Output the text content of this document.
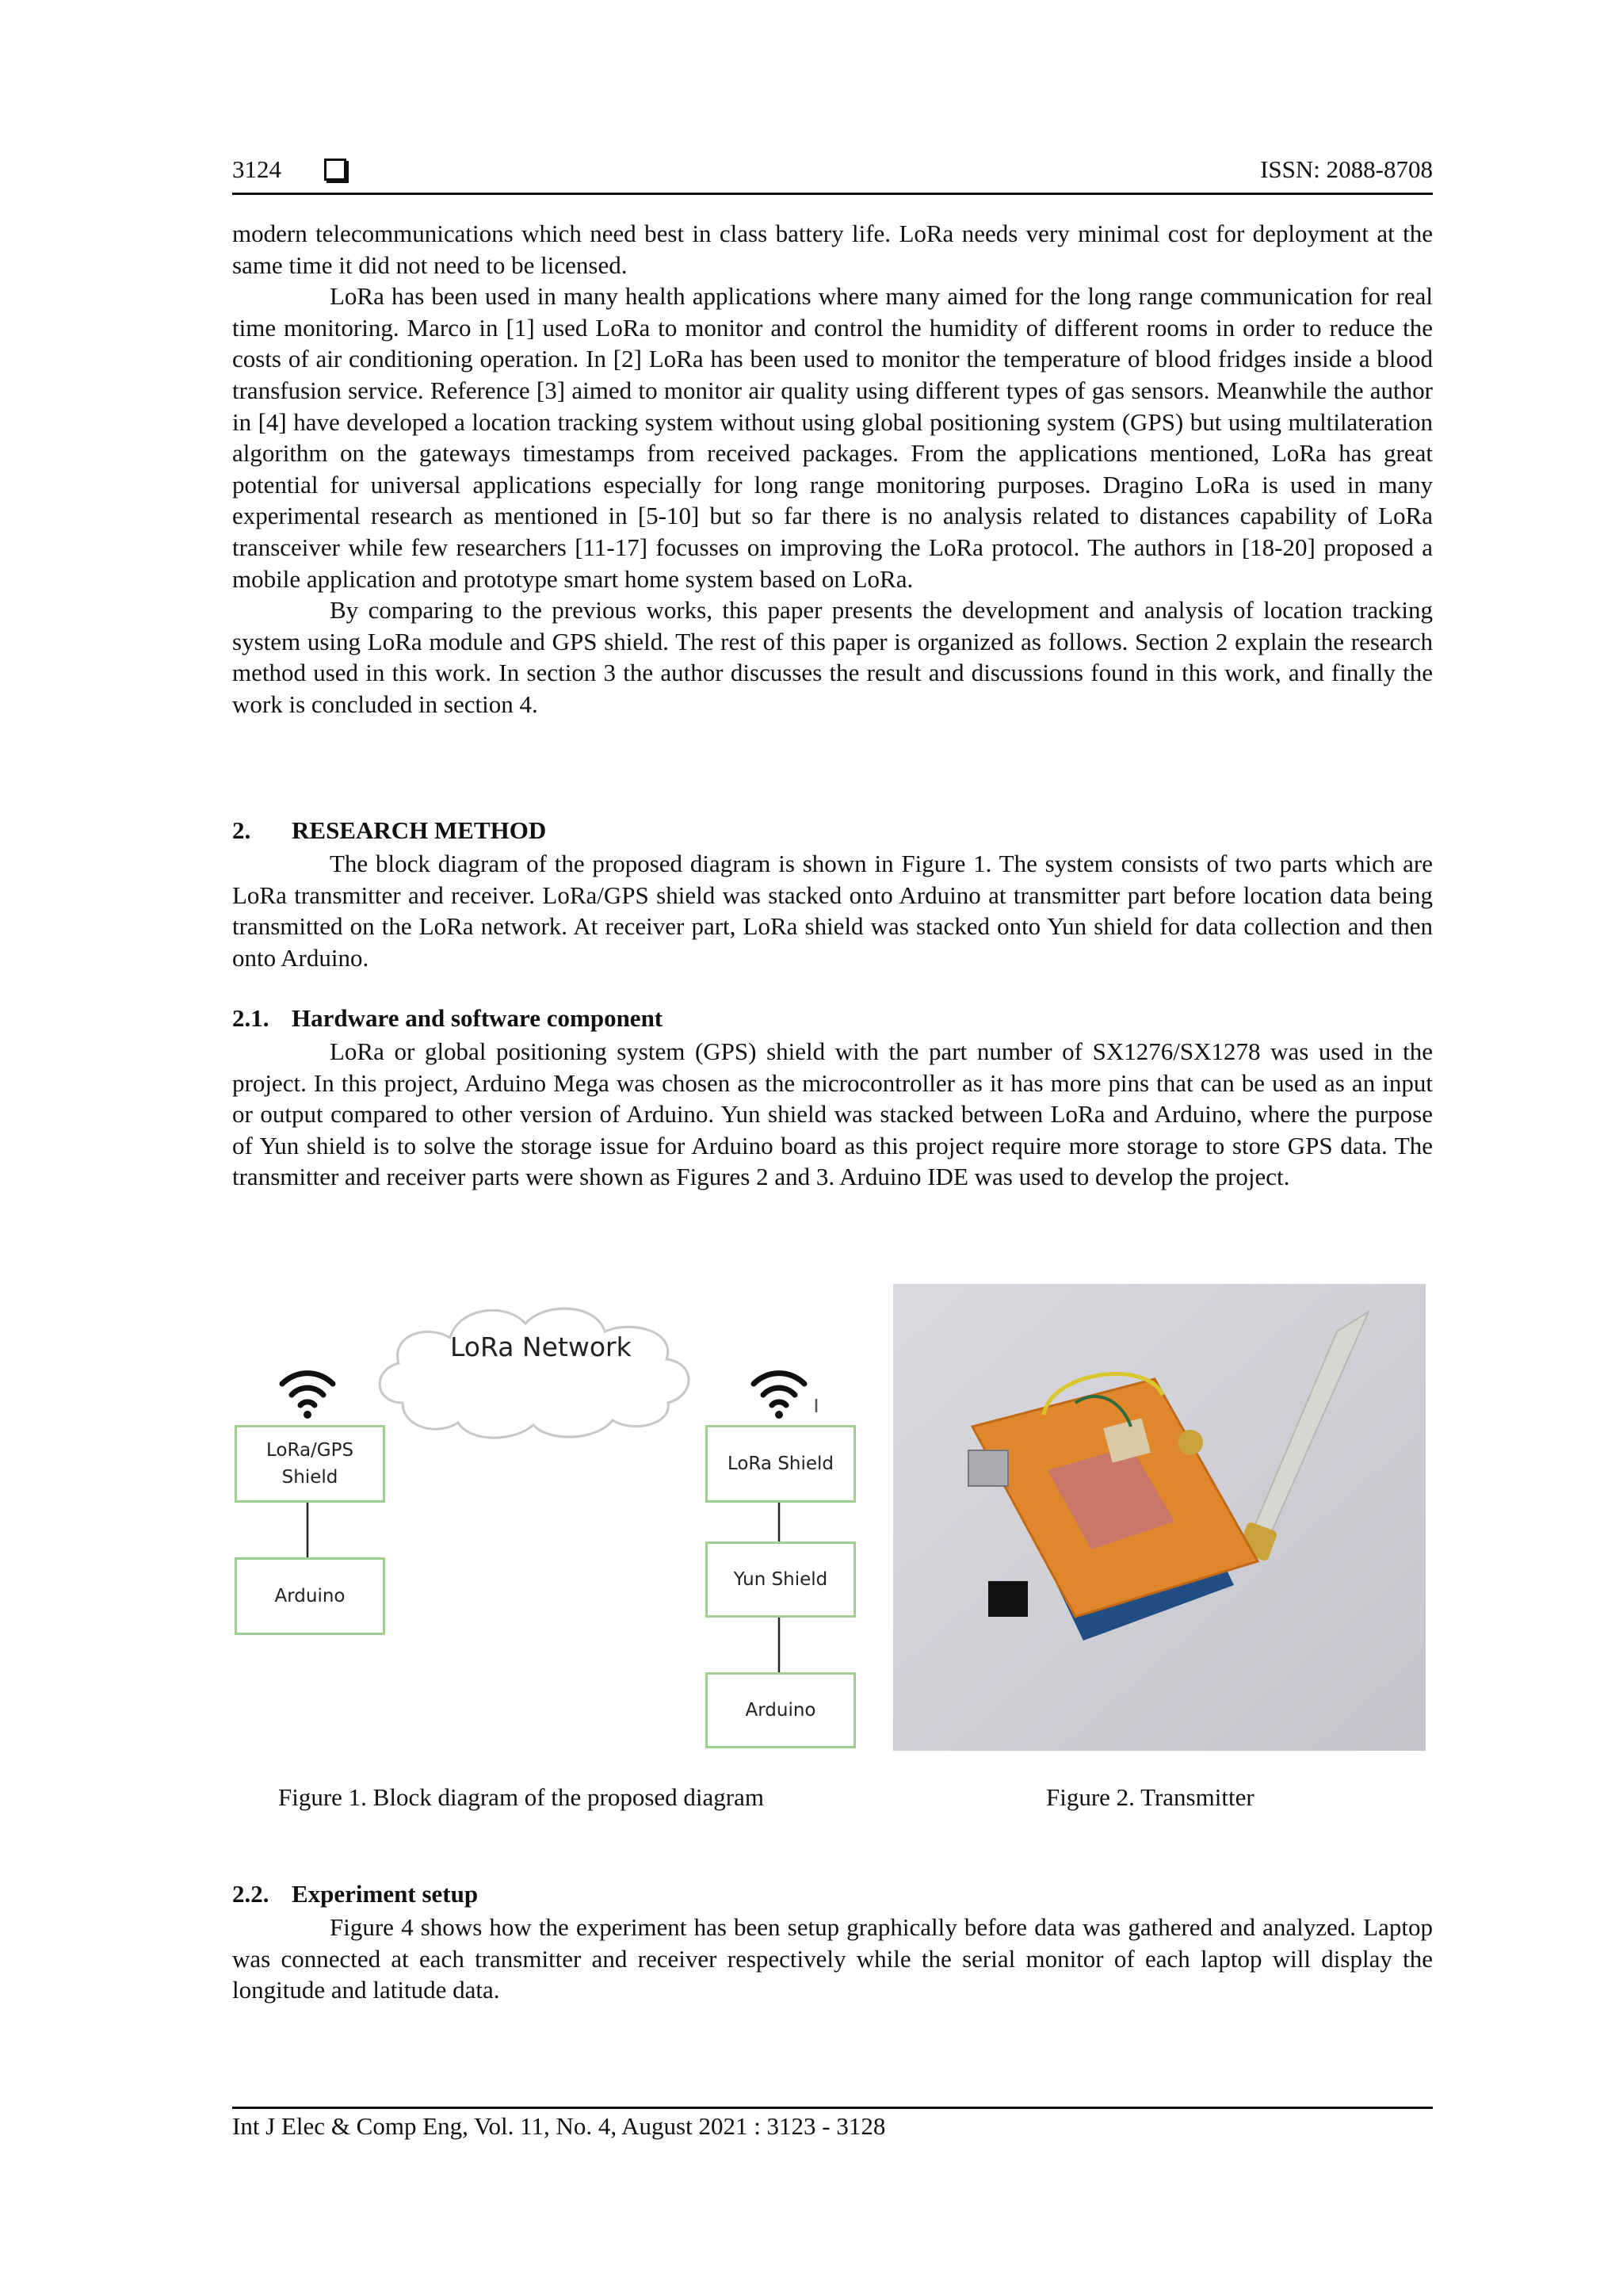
3124	ISSN: 2088-8708

modern telecommunications which need best in class battery life. LoRa needs very minimal cost for deployment at the same time it did not need to be licensed.

LoRa has been used in many health applications where many aimed for the long range communication for real time monitoring. Marco in [1] used LoRa to monitor and control the humidity of different rooms in order to reduce the costs of air conditioning operation. In [2] LoRa has been used to monitor the temperature of blood fridges inside a blood transfusion service. Reference [3] aimed to monitor air quality using different types of gas sensors. Meanwhile the author in [4] have developed a location tracking system without using global positioning system (GPS) but using multilateration algorithm on the gateways timestamps from received packages. From the applications mentioned, LoRa has great potential for universal applications especially for long range monitoring purposes. Dragino LoRa is used in many experimental research as mentioned in [5-10] but so far there is no analysis related to distances capability of LoRa transceiver while few researchers [11-17] focusses on improving the LoRa protocol. The authors in [18-20] proposed a mobile application and prototype smart home system based on LoRa.

By comparing to the previous works, this paper presents the development and analysis of location tracking system using LoRa module and GPS shield. The rest of this paper is organized as follows. Section 2 explain the research method used in this work. In section 3 the author discusses the result and discussions found in this work, and finally the work is concluded in section 4.

2. RESEARCH METHOD

The block diagram of the proposed diagram is shown in Figure 1. The system consists of two parts which are LoRa transmitter and receiver. LoRa/GPS shield was stacked onto Arduino at transmitter part before location data being transmitted on the LoRa network. At receiver part, LoRa shield was stacked onto Yun shield for data collection and then onto Arduino.

2.1. Hardware and software component

LoRa or global positioning system (GPS) shield with the part number of SX1276/SX1278 was used in the project. In this project, Arduino Mega was chosen as the microcontroller as it has more pins that can be used as an input or output compared to other version of Arduino. Yun shield was stacked between LoRa and Arduino, where the purpose of Yun shield is to solve the storage issue for Arduino board as this project require more storage to store GPS data. The transmitter and receiver parts were shown as Figures 2 and 3. Arduino IDE was used to develop the project.

LoRa Network
LoRa/GPS Shield
Arduino
LoRa Shield
Yun Shield
Arduino
Figure 1. Block diagram of the proposed diagram	Figure 2. Transmitter
2.2. Experiment setup

Figure 4 shows how the experiment has been setup graphically before data was gathered and analyzed. Laptop was connected at each transmitter and receiver respectively while the serial monitor of each laptop will display the longitude and latitude data.

Int J Elec & Comp Eng, Vol. 11, No. 4, August 2021 : 3123 - 3128
